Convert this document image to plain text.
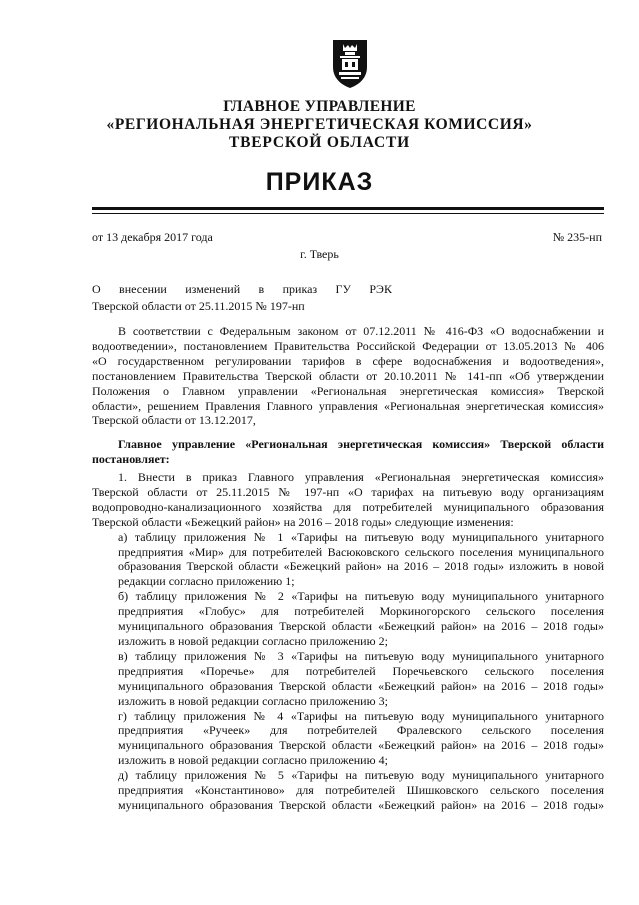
ГЛАВНОЕ УПРАВЛЕНИЕ
«РЕГИОНАЛЬНАЯ ЭНЕРГЕТИЧЕСКАЯ КОМИССИЯ»
ТВЕРСКОЙ ОБЛАСТИ
ПРИКАЗ
от 13 декабря 2017 года	№ 235-нп
г. Тверь
О внесении изменений в приказ ГУ РЭК
Тверской области от 25.11.2015 № 197-нп
В соответствии с Федеральным законом от 07.12.2011 № 416-ФЗ «О водоснабжении и
водоотведении», постановлением Правительства Российской Федерации от 13.05.2013 № 406
«О государственном регулировании тарифов в сфере водоснабжения и водоотведения»,
постановлением Правительства Тверской области от 20.10.2011 № 141-пп «Об утверждении
Положения о Главном управлении «Региональная энергетическая комиссия» Тверской
области», решением Правления Главного управления «Региональная энергетическая комиссия»
Тверской области от 13.12.2017,
Главное управление «Региональная энергетическая комиссия» Тверской области
постановляет:
1. Внести в приказ Главного управления «Региональная энергетическая комиссия»
Тверской области от 25.11.2015 № 197-нп «О тарифах на питьевую воду организациям
водопроводно-канализационного хозяйства для потребителей муниципального образования
Тверской области «Бежецкий район» на 2016 – 2018 годы» следующие изменения:
а) таблицу приложения № 1 «Тарифы на питьевую воду муниципального унитарного
предприятия «Мир» для потребителей Васюковского сельского поселения муниципального
образования Тверской области «Бежецкий район» на 2016 – 2018 годы» изложить в новой
редакции согласно приложению 1;
б) таблицу приложения № 2 «Тарифы на питьевую воду муниципального унитарного
предприятия «Глобус» для потребителей Моркиногорского сельского поселения
муниципального образования Тверской области «Бежецкий район» на 2016 – 2018 годы»
изложить в новой редакции согласно приложению 2;
в) таблицу приложения № 3 «Тарифы на питьевую воду муниципального унитарного
предприятия «Поречье» для потребителей Поречьевского сельского поселения
муниципального образования Тверской области «Бежецкий район» на 2016 – 2018 годы»
изложить в новой редакции согласно приложению 3;
г) таблицу приложения № 4 «Тарифы на питьевую воду муниципального унитарного
предприятия «Ручеек» для потребителей Фралевского сельского поселения
муниципального образования Тверской области «Бежецкий район» на 2016 – 2018 годы»
изложить в новой редакции согласно приложению 4;
д) таблицу приложения № 5 «Тарифы на питьевую воду муниципального унитарного
предприятия «Константиново» для потребителей Шишковского сельского поселения
муниципального образования Тверской области «Бежецкий район» на 2016 – 2018 годы»
